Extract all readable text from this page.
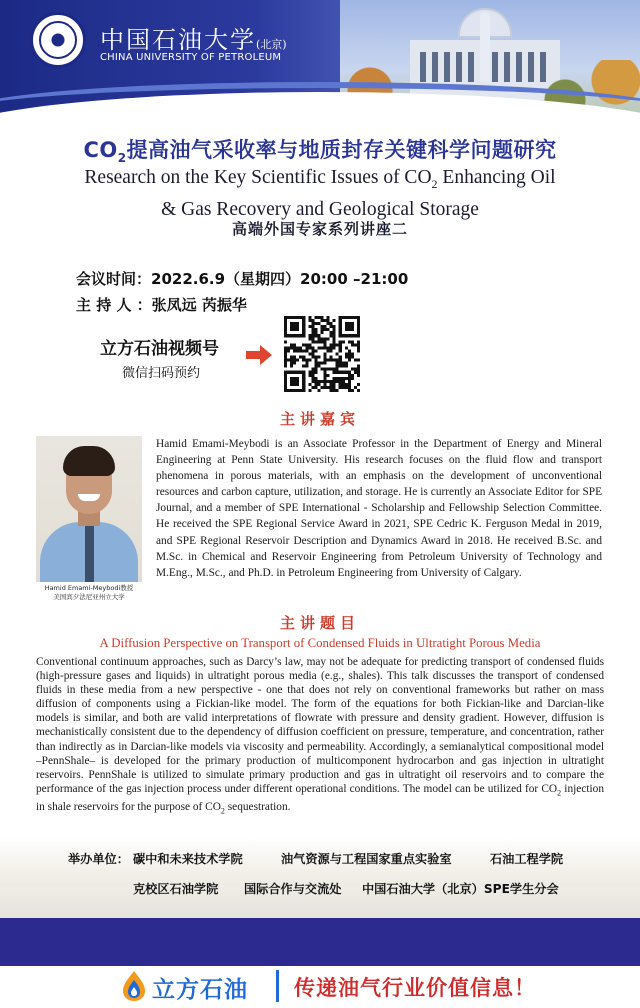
中国石油大学(北京)
CHINA UNIVERSITY OF PETROLEUM
$CO_2$提高油气采收率与地质封存关键科学问题研究
Research on the Key Scientific Issues of $CO_2$ Enhancing Oil
& Gas Recovery and Geological Storage
高端外国专家系列讲座二
会议时间：2022.6.9（星期四）20:00 –21:00
主 持 人 ：张凤远 芮振华
立方石油视频号
微信扫码预约
主讲嘉宾
Hamid Emami-Meybodi教授
美国宾夕法尼亚州立大学
Hamid Emami-Meybodi is an Associate Professor in the Department of Energy and Mineral Engineering at Penn State University. His research focuses on the fluid flow and transport phenomena in porous materials, with an emphasis on the development of unconventional resources and carbon capture, utilization, and storage. He is currently an Associate Editor for SPE Journal, and a member of SPE International - Scholarship and Fellowship Selection Committee. He received the SPE Regional Service Award in 2021, SPE Cedric K. Ferguson Medal in 2019, and SPE Regional Reservoir Description and Dynamics Award in 2018. He received B.Sc. and M.Sc. in Chemical and Reservoir Engineering from Petroleum University of Technology and M.Eng., M.Sc., and Ph.D. in Petroleum Engineering from University of Calgary.
主讲题目
A Diffusion Perspective on Transport of Condensed Fluids in Ultratight Porous Media
Conventional continuum approaches, such as Darcy’s law, may not be adequate for predicting transport of condensed fluids (high-pressure gases and liquids) in ultratight porous media (e.g., shales). This talk discusses the transport of condensed fluids in these media from a new perspective - one that does not rely on conventional frameworks but rather on mass diffusion of components using a Fickian-like model. The form of the equations for both Fickian-like and Darcian-like models is similar, and both are valid interpretations of flowrate with pressure and density gradient. However, diffusion is mechanistically consistent due to the dependency of diffusion coefficient on pressure, temperature, and concentration, rather than indirectly as in Darcian-like models via viscosity and permeability. Accordingly, a semianalytical compositional model –PennShale– is developed for the primary production of multicomponent hydrocarbon and gas injection in ultratight reservoirs. PennShale is utilized to simulate primary production and gas in ultratight oil reservoirs and to compare the performance of the gas injection process under different operational conditions. The model can be utilized for $CO_2$ injection in shale reservoirs for the purpose of $CO_2$ sequestration.
举办单位： 碳中和未来技术学院	油气资源与工程国家重点实验室	石油工程学院
克校区石油学院 国际合作与交流处 中国石油大学（北京）SPE学生分会
立方石油 传递油气行业价值信息！
